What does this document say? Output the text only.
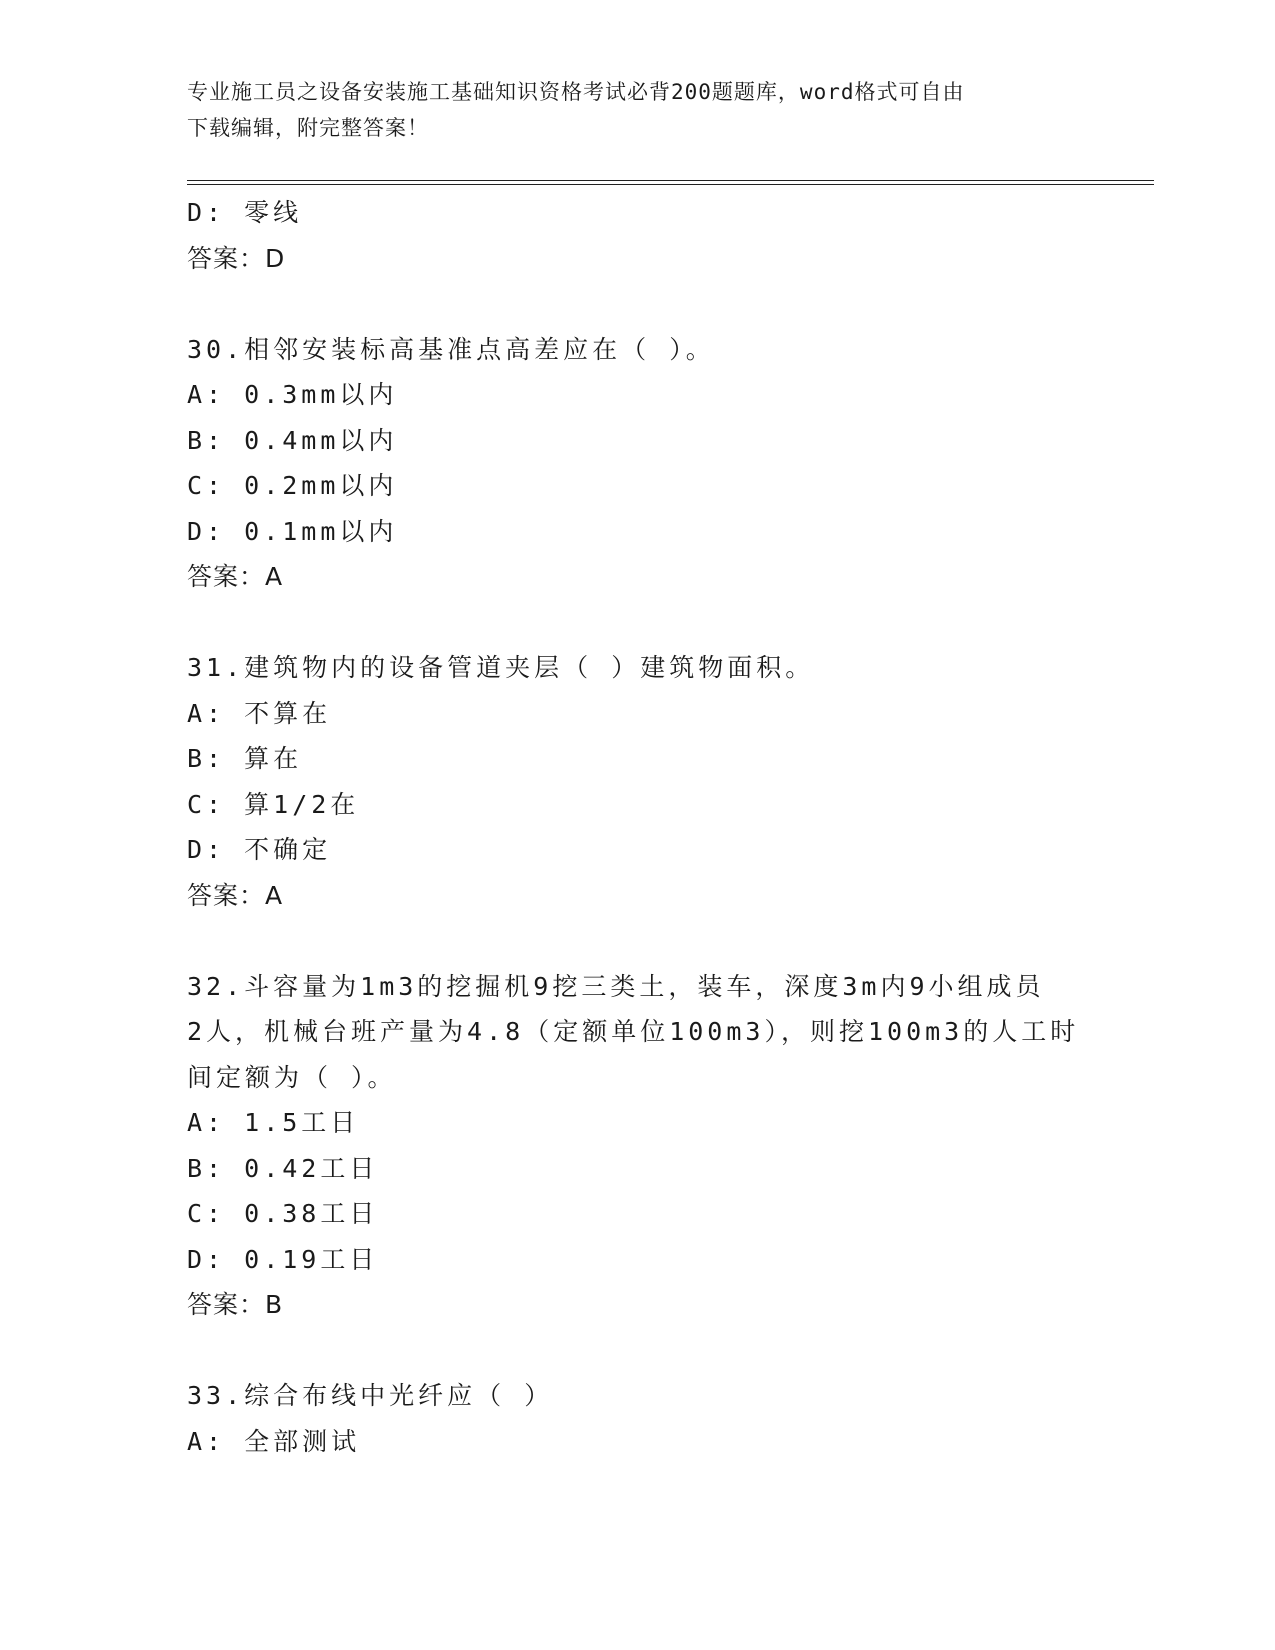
专业施工员之设备安装施工基础知识资格考试必背200题题库，word格式可自由
下载编辑，附完整答案！
D: 零线
答案：D
30.相邻安装标高基准点高差应在（ ）。
A: 0.3mm以内
B: 0.4mm以内
C: 0.2mm以内
D: 0.1mm以内
答案：A
31.建筑物内的设备管道夹层（ ）建筑物面积。
A: 不算在
B: 算在
C: 算1/2在
D: 不确定
答案：A
32.斗容量为1m3的挖掘机9挖三类土，装车，深度3m内9小组成员
2人，机械台班产量为4.8（定额单位100m3），则挖100m3的人工时
间定额为（ ）。
A: 1.5工日
B: 0.42工日
C: 0.38工日
D: 0.19工日
答案：B
33.综合布线中光纤应（ ）
A: 全部测试
